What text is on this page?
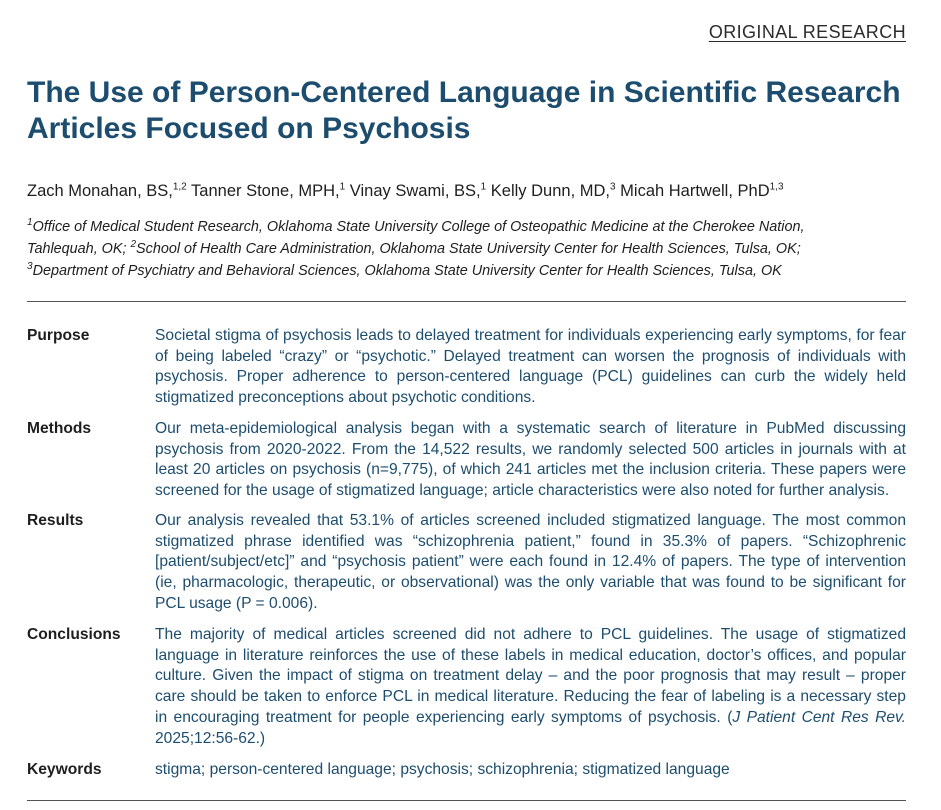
ORIGINAL RESEARCH
The Use of Person-Centered Language in Scientific Research Articles Focused on Psychosis
Zach Monahan, BS,$^{1,2}$ Tanner Stone, MPH,$^1$ Vinay Swami, BS,$^1$ Kelly Dunn, MD,$^3$ Micah Hartwell, PhD$^{1,3}$
$^1$Office of Medical Student Research, Oklahoma State University College of Osteopathic Medicine at the Cherokee Nation,
Tahlequah, OK; $^2$School of Health Care Administration, Oklahoma State University Center for Health Sciences, Tulsa, OK;
$^3$Department of Psychiatry and Behavioral Sciences, Oklahoma State University Center for Health Sciences, Tulsa, OK
Purpose	Societal stigma of psychosis leads to delayed treatment for individuals experiencing early symptoms, for fear of being labeled “crazy” or “psychotic.” Delayed treatment can worsen the prognosis of individuals with psychosis. Proper adherence to person-centered language (PCL) guidelines can curb the widely held stigmatized preconceptions about psychotic conditions.
Methods	Our meta-epidemiological analysis began with a systematic search of literature in PubMed discussing psychosis from 2020-2022. From the 14,522 results, we randomly selected 500 articles in journals with at least 20 articles on psychosis (n=9,775), of which 241 articles met the inclusion criteria. These papers were screened for the usage of stigmatized language; article characteristics were also noted for further analysis.
Results	Our analysis revealed that 53.1% of articles screened included stigmatized language. The most common stigmatized phrase identified was “schizophrenia patient,” found in 35.3% of papers. “Schizophrenic [patient/subject/etc]” and “psychosis patient” were each found in 12.4% of papers. The type of intervention (ie, pharmacologic, therapeutic, or observational) was the only variable that was found to be significant for PCL usage (P = 0.006).
Conclusions	The majority of medical articles screened did not adhere to PCL guidelines. The usage of stigmatized language in literature reinforces the use of these labels in medical education, doctor’s offices, and popular culture. Given the impact of stigma on treatment delay – and the poor prognosis that may result – proper care should be taken to enforce PCL in medical literature. Reducing the fear of labeling is a necessary step in encouraging treatment for people experiencing early symptoms of psychosis. (J Patient Cent Res Rev. 2025;12:56-62.)
Keywords	stigma; person-centered language; psychosis; schizophrenia; stigmatized language
